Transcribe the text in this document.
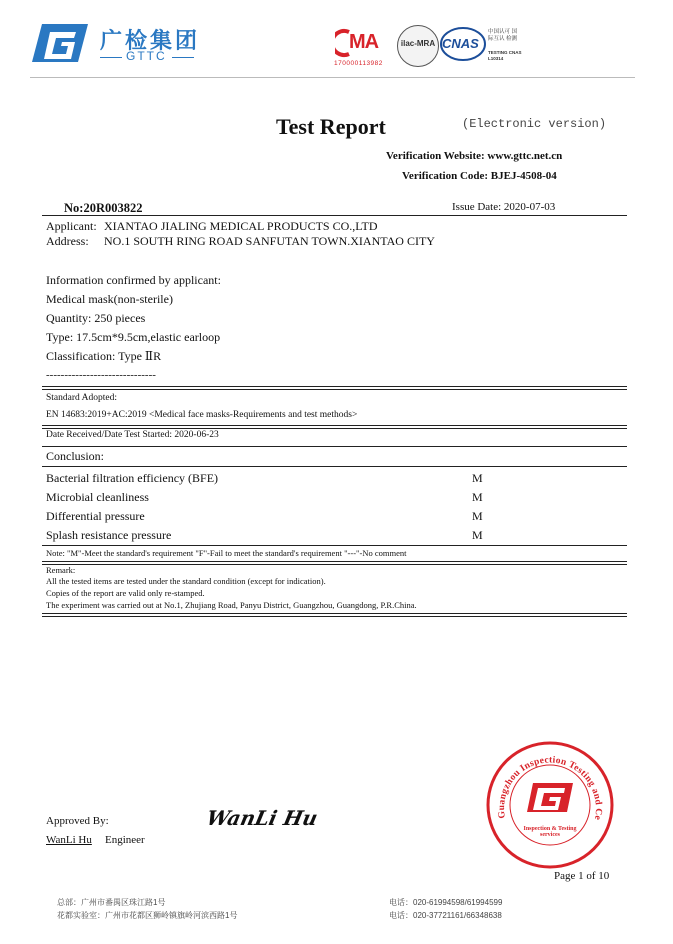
广检集团
GTTC
MA
170000113982
ilac-MRA CNAS
中国认可 国际互认 检测
TESTING CNAS L10314
Test Report	(Electronic version)
Verification Website: www.gttc.net.cn
Verification Code: BJEJ-4508-04
No:20R003822	Issue Date: 2020-07-03
Applicant: XIANTAO JIALING MEDICAL PRODUCTS CO.,LTD
Address: NO.1 SOUTH RING ROAD SANFUTAN TOWN.XIANTAO CITY
Information confirmed by applicant:
Medical mask(non-sterile)
Quantity: 250 pieces
Type: 17.5cm*9.5cm,elastic earloop
Classification: Type ⅡR
------------------------------
Standard Adopted:
EN 14683:2019+AC:2019 <Medical face masks-Requirements and test methods>
Date Received/Date Test Started: 2020-06-23
Conclusion:
Bacterial filtration efficiency (BFE)	M
Microbial cleanliness	M
Differential pressure	M
Splash resistance pressure	M
Note: "M"-Meet the standard's requirement "F"-Fail to meet the standard's requirement "---"-No comment
Remark:
All the tested items are tested under the standard condition (except for indication).
Copies of the report are valid only re-stamped.
The experiment was carried out at No.1, Zhujiang Road, Panyu District, Guangzhou, Guangdong, P.R.China.
Approved By:
WanLi Hu Engineer
WanLi Hu	Guangzhou Inspection Testing and Ce
Inspection & Testing services
Page 1 of 10
总部：广州市番禺区珠江路1号
花都实验室：广州市花都区狮岭镇旗岭河滨西路1号
电话：020-61994598/61994599
电话：020-37721161/66348638
